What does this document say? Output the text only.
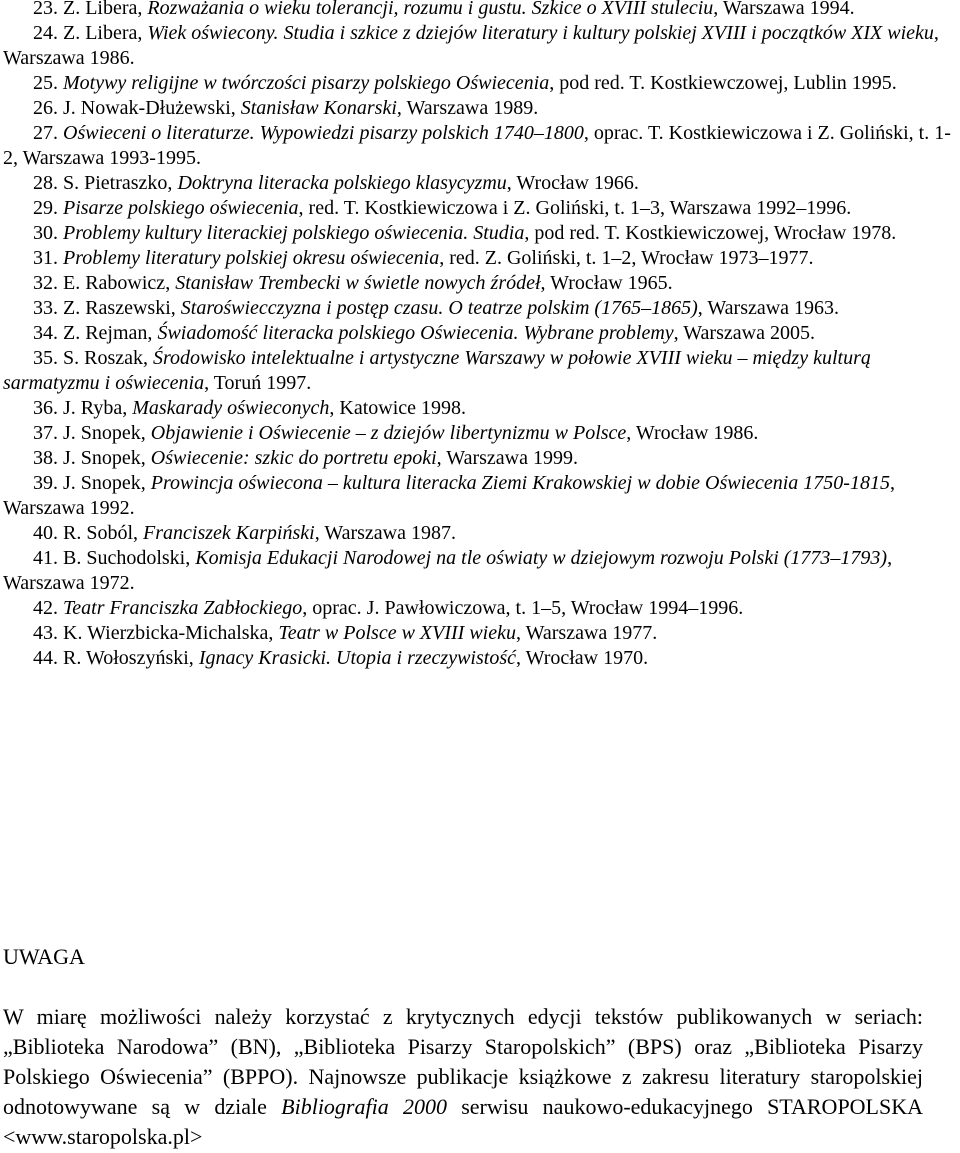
23. Z. Libera, Rozważania o wieku tolerancji, rozumu i gustu. Szkice o XVIII stuleciu, Warszawa 1994.

24. Z. Libera, Wiek oświecony. Studia i szkice z dziejów literatury i kultury polskiej XVIII i początków XIX wieku, Warszawa 1986.

25. Motywy religijne w twórczości pisarzy polskiego Oświecenia, pod red. T. Kostkiewczowej, Lublin 1995.

26. J. Nowak-Dłużewski, Stanisław Konarski, Warszawa 1989.

27. Oświeceni o literaturze. Wypowiedzi pisarzy polskich 1740–1800, oprac. T. Kostkiewiczowa i Z. Goliński, t. 1-2, Warszawa 1993-1995.

28. S. Pietraszko, Doktryna literacka polskiego klasycyzmu, Wrocław 1966.

29. Pisarze polskiego oświecenia, red. T. Kostkiewiczowa i Z. Goliński, t. 1–3, Warszawa 1992–1996.

30. Problemy kultury literackiej polskiego oświecenia. Studia, pod red. T. Kostkiewiczowej, Wrocław 1978.

31. Problemy literatury polskiej okresu oświecenia, red. Z. Goliński, t. 1–2, Wrocław 1973–1977.

32. E. Rabowicz, Stanisław Trembecki w świetle nowych źródeł, Wrocław 1965.

33. Z. Raszewski, Staroświecczyzna i postęp czasu. O teatrze polskim (1765–1865), Warszawa 1963.

34. Z. Rejman, Świadomość literacka polskiego Oświecenia. Wybrane problemy, Warszawa 2005.

35. S. Roszak, Środowisko intelektualne i artystyczne Warszawy w połowie XVIII wieku – między kulturą sarmatyzmu i oświecenia, Toruń 1997.

36. J. Ryba, Maskarady oświeconych, Katowice 1998.

37. J. Snopek, Objawienie i Oświecenie – z dziejów libertynizmu w Polsce, Wrocław 1986.

38. J. Snopek, Oświecenie: szkic do portretu epoki, Warszawa 1999.

39. J. Snopek, Prowincja oświecona – kultura literacka Ziemi Krakowskiej w dobie Oświecenia 1750-1815, Warszawa 1992.

40. R. Soból, Franciszek Karpiński, Warszawa 1987.

41. B. Suchodolski, Komisja Edukacji Narodowej na tle oświaty w dziejowym rozwoju Polski (1773–1793), Warszawa 1972.

42. Teatr Franciszka Zabłockiego, oprac. J. Pawłowiczowa, t. 1–5, Wrocław 1994–1996.

43. K. Wierzbicka-Michalska, Teatr w Polsce w XVIII wieku, Warszawa 1977.

44. R. Wołoszyński, Ignacy Krasicki. Utopia i rzeczywistość, Wrocław 1970.

UWAGA

W miarę możliwości należy korzystać z krytycznych edycji tekstów publikowanych w seriach: „Biblioteka Narodowa” (BN), „Biblioteka Pisarzy Staropolskich” (BPS) oraz „Biblioteka Pisarzy Polskiego Oświecenia” (BPPO). Najnowsze publikacje książkowe z zakresu literatury staropolskiej odnotowywane są w dziale Bibliografia 2000 serwisu naukowo-edukacyjnego STAROPOLSKA <www.staropolska.pl>
